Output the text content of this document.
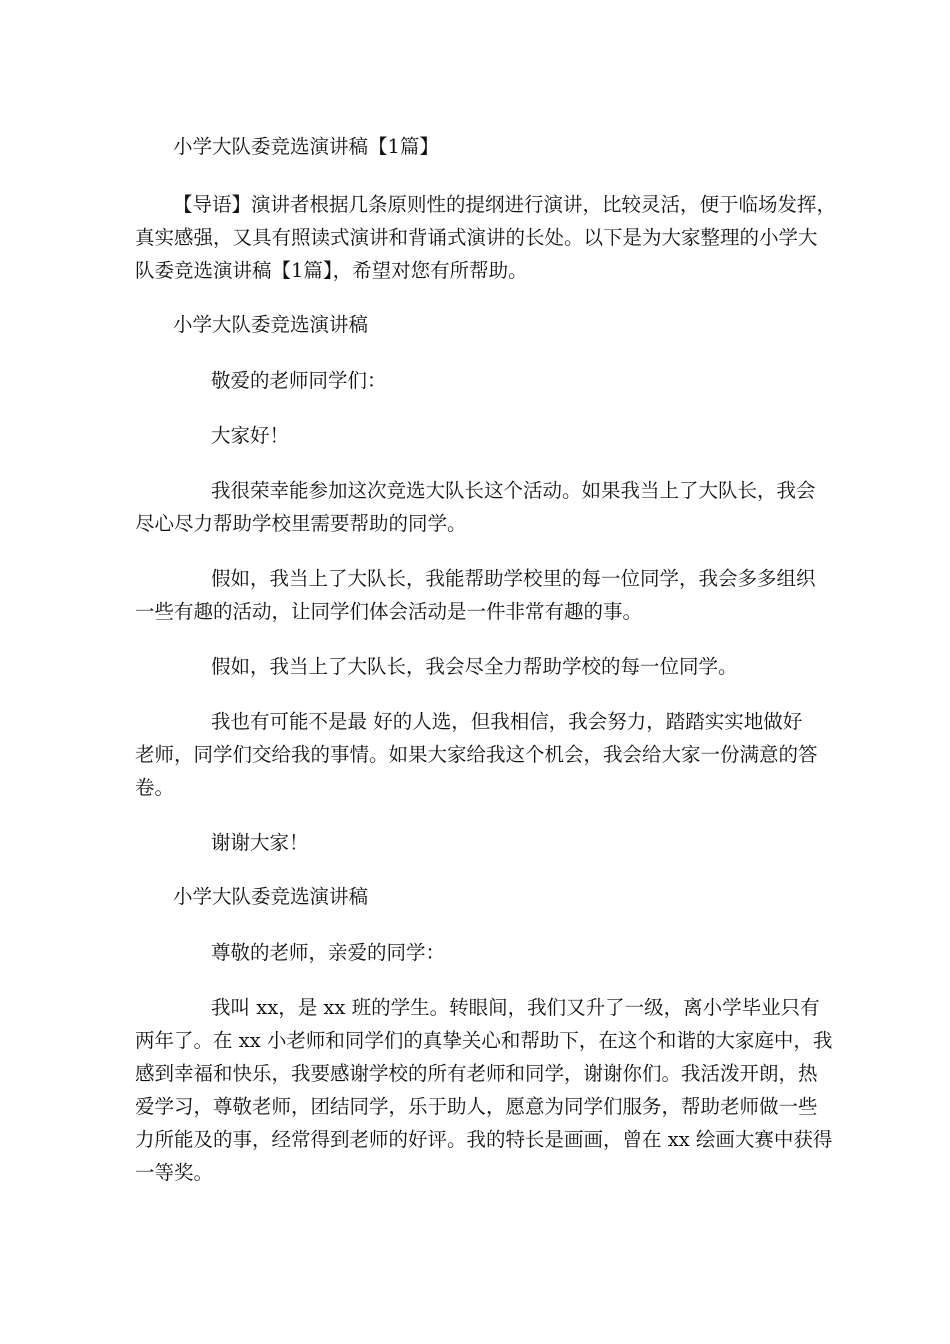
小学大队委竞选演讲稿【1篇】
【导语】演讲者根据几条原则性的提纲进行演讲，比较灵活，便于临场发挥，
真实感强，又具有照读式演讲和背诵式演讲的长处。以下是为大家整理的小学大
队委竞选演讲稿【1篇】，希望对您有所帮助。
小学大队委竞选演讲稿
敬爱的老师同学们：
大家好！
我很荣幸能参加这次竞选大队长这个活动。如果我当上了大队长，我会
尽心尽力帮助学校里需要帮助的同学。
假如，我当上了大队长，我能帮助学校里的每一位同学，我会多多组织
一些有趣的活动，让同学们体会活动是一件非常有趣的事。
假如，我当上了大队长，我会尽全力帮助学校的每一位同学。
我也有可能不是最 好的人选，但我相信，我会努力，踏踏实实地做好
老师，同学们交给我的事情。如果大家给我这个机会，我会给大家一份满意的答
卷。
谢谢大家！
小学大队委竞选演讲稿
尊敬的老师，亲爱的同学：
我叫 xx，是 xx 班的学生。转眼间，我们又升了一级，离小学毕业只有
两年了。在 xx 小老师和同学们的真挚关心和帮助下，在这个和谐的大家庭中，我
感到幸福和快乐，我要感谢学校的所有老师和同学，谢谢你们。我活泼开朗，热
爱学习，尊敬老师，团结同学，乐于助人，愿意为同学们服务，帮助老师做一些
力所能及的事，经常得到老师的好评。我的特长是画画，曾在 xx 绘画大赛中获得
一等奖。
